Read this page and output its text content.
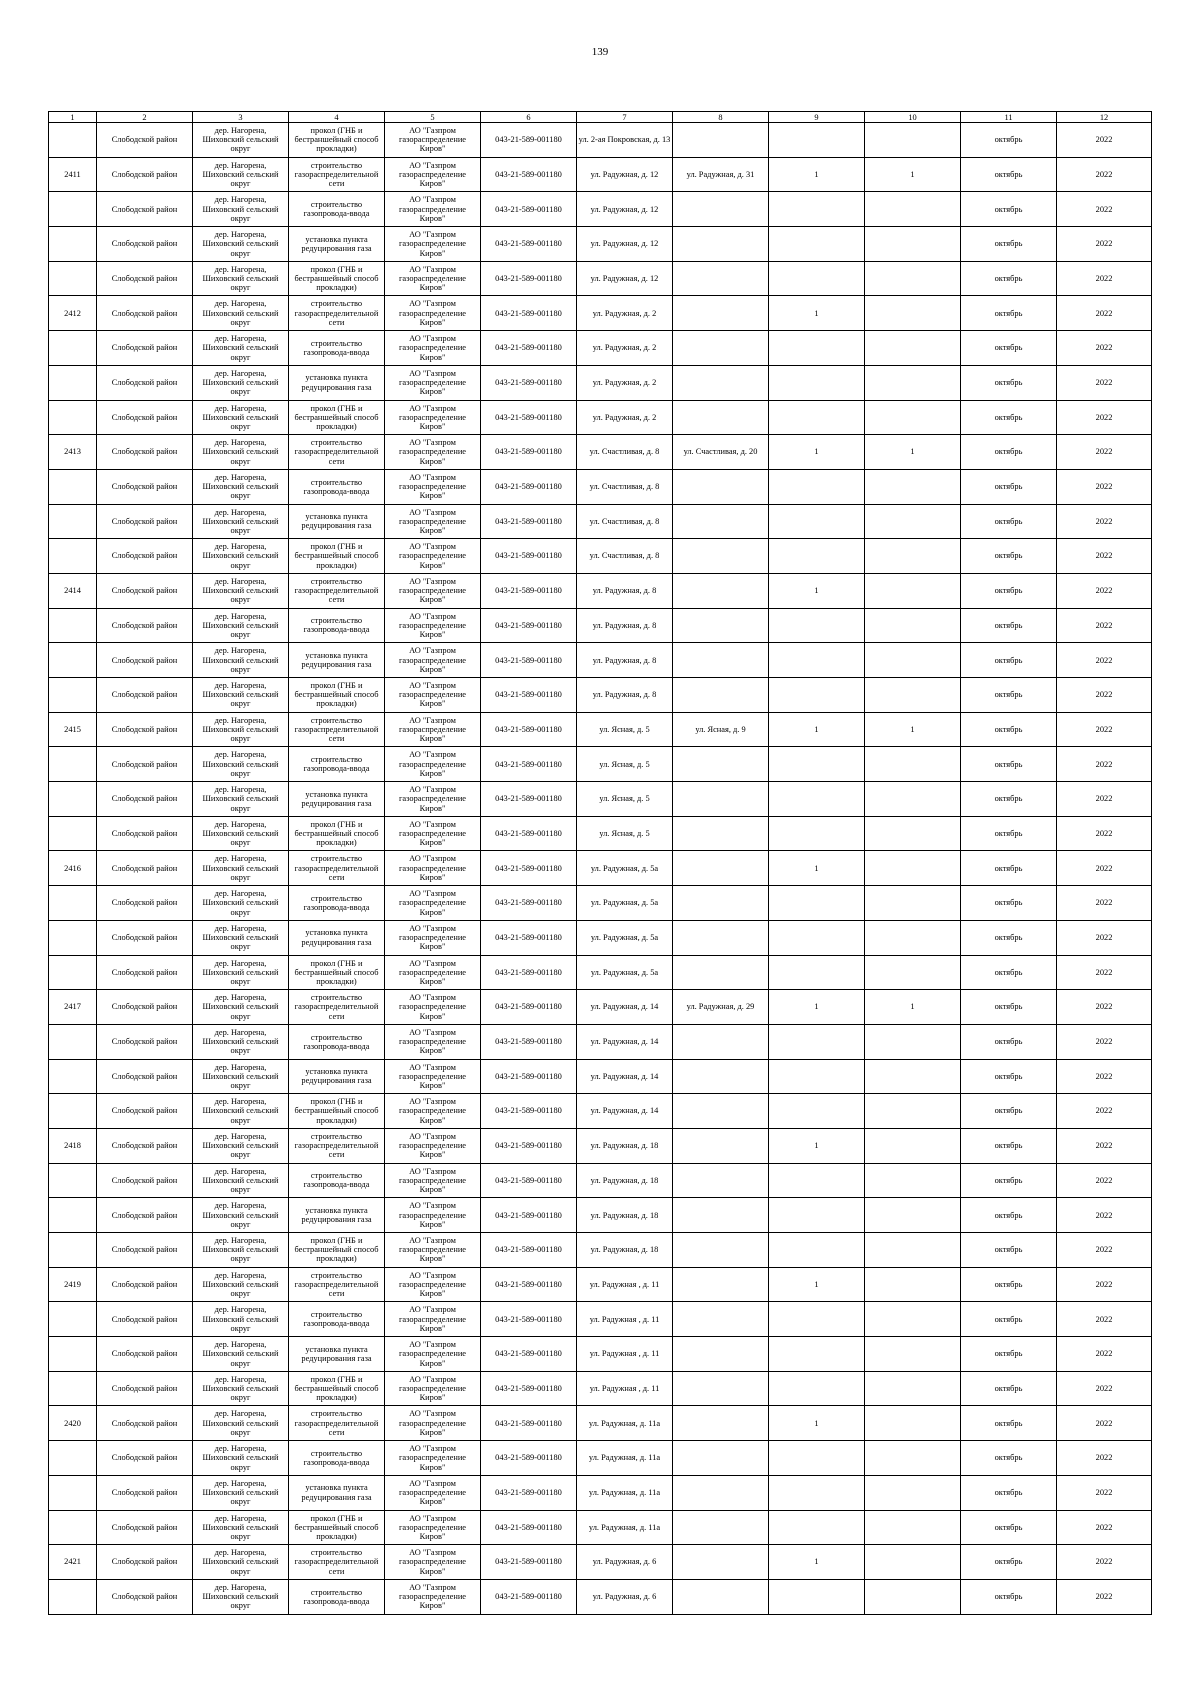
139
1	2	3	4	5	6	7	8	9	10	11	12

	Слободской район	дер. Нагорена, Шиховский сельский округ	прокол (ГНБ и бестраншейный способ прокладки)	АО "Газпром газораспределение Киров"	043-21-589-001180	ул. 2-ая Покровская, д. 13				октябрь	2022

2411	Слободской район	дер. Нагорена, Шиховский сельский округ	строительство газораспределительной сети	АО "Газпром газораспределение Киров"	043-21-589-001180	ул. Радужная, д. 12	ул. Радужная, д. 31	1	1	октябрь	2022

	Слободской район	дер. Нагорена, Шиховский сельский округ	строительство газопровода-ввода	АО "Газпром газораспределение Киров"	043-21-589-001180	ул. Радужная, д. 12				октябрь	2022

	Слободской район	дер. Нагорена, Шиховский сельский округ	установка пункта редуцирования газа	АО "Газпром газораспределение Киров"	043-21-589-001180	ул. Радужная, д. 12				октябрь	2022

	Слободской район	дер. Нагорена, Шиховский сельский округ	прокол (ГНБ и бестраншейный способ прокладки)	АО "Газпром газораспределение Киров"	043-21-589-001180	ул. Радужная, д. 12				октябрь	2022

2412	Слободской район	дер. Нагорена, Шиховский сельский округ	строительство газораспределительной сети	АО "Газпром газораспределение Киров"	043-21-589-001180	ул. Радужная, д. 2		1		октябрь	2022

	Слободской район	дер. Нагорена, Шиховский сельский округ	строительство газопровода-ввода	АО "Газпром газораспределение Киров"	043-21-589-001180	ул. Радужная, д. 2				октябрь	2022

	Слободской район	дер. Нагорена, Шиховский сельский округ	установка пункта редуцирования газа	АО "Газпром газораспределение Киров"	043-21-589-001180	ул. Радужная, д. 2				октябрь	2022

	Слободской район	дер. Нагорена, Шиховский сельский округ	прокол (ГНБ и бестраншейный способ прокладки)	АО "Газпром газораспределение Киров"	043-21-589-001180	ул. Радужная, д. 2				октябрь	2022

2413	Слободской район	дер. Нагорена, Шиховский сельский округ	строительство газораспределительной сети	АО "Газпром газораспределение Киров"	043-21-589-001180	ул. Счастливая, д. 8	ул. Счастливая, д. 20	1	1	октябрь	2022

	Слободской район	дер. Нагорена, Шиховский сельский округ	строительство газопровода-ввода	АО "Газпром газораспределение Киров"	043-21-589-001180	ул. Счастливая, д. 8				октябрь	2022

	Слободской район	дер. Нагорена, Шиховский сельский округ	установка пункта редуцирования газа	АО "Газпром газораспределение Киров"	043-21-589-001180	ул. Счастливая, д. 8				октябрь	2022

	Слободской район	дер. Нагорена, Шиховский сельский округ	прокол (ГНБ и бестраншейный способ прокладки)	АО "Газпром газораспределение Киров"	043-21-589-001180	ул. Счастливая, д. 8				октябрь	2022

2414	Слободской район	дер. Нагорена, Шиховский сельский округ	строительство газораспределительной сети	АО "Газпром газораспределение Киров"	043-21-589-001180	ул. Радужная, д. 8		1		октябрь	2022

	Слободской район	дер. Нагорена, Шиховский сельский округ	строительство газопровода-ввода	АО "Газпром газораспределение Киров"	043-21-589-001180	ул. Радужная, д. 8				октябрь	2022

	Слободской район	дер. Нагорена, Шиховский сельский округ	установка пункта редуцирования газа	АО "Газпром газораспределение Киров"	043-21-589-001180	ул. Радужная, д. 8				октябрь	2022

	Слободской район	дер. Нагорена, Шиховский сельский округ	прокол (ГНБ и бестраншейный способ прокладки)	АО "Газпром газораспределение Киров"	043-21-589-001180	ул. Радужная, д. 8				октябрь	2022

2415	Слободской район	дер. Нагорена, Шиховский сельский округ	строительство газораспределительной сети	АО "Газпром газораспределение Киров"	043-21-589-001180	ул. Ясная, д. 5	ул. Ясная, д. 9	1	1	октябрь	2022

	Слободской район	дер. Нагорена, Шиховский сельский округ	строительство газопровода-ввода	АО "Газпром газораспределение Киров"	043-21-589-001180	ул. Ясная, д. 5				октябрь	2022

	Слободской район	дер. Нагорена, Шиховский сельский округ	установка пункта редуцирования газа	АО "Газпром газораспределение Киров"	043-21-589-001180	ул. Ясная, д. 5				октябрь	2022

	Слободской район	дер. Нагорена, Шиховский сельский округ	прокол (ГНБ и бестраншейный способ прокладки)	АО "Газпром газораспределение Киров"	043-21-589-001180	ул. Ясная, д. 5				октябрь	2022

2416	Слободской район	дер. Нагорена, Шиховский сельский округ	строительство газораспределительной сети	АО "Газпром газораспределение Киров"	043-21-589-001180	ул. Радужная, д. 5а		1		октябрь	2022

	Слободской район	дер. Нагорена, Шиховский сельский округ	строительство газопровода-ввода	АО "Газпром газораспределение Киров"	043-21-589-001180	ул. Радужная, д. 5а				октябрь	2022

	Слободской район	дер. Нагорена, Шиховский сельский округ	установка пункта редуцирования газа	АО "Газпром газораспределение Киров"	043-21-589-001180	ул. Радужная, д. 5а				октябрь	2022

	Слободской район	дер. Нагорена, Шиховский сельский округ	прокол (ГНБ и бестраншейный способ прокладки)	АО "Газпром газораспределение Киров"	043-21-589-001180	ул. Радужная, д. 5а				октябрь	2022

2417	Слободской район	дер. Нагорена, Шиховский сельский округ	строительство газораспределительной сети	АО "Газпром газораспределение Киров"	043-21-589-001180	ул. Радужная, д. 14	ул. Радужная, д. 29	1	1	октябрь	2022

	Слободской район	дер. Нагорена, Шиховский сельский округ	строительство газопровода-ввода	АО "Газпром газораспределение Киров"	043-21-589-001180	ул. Радужная, д. 14				октябрь	2022

	Слободской район	дер. Нагорена, Шиховский сельский округ	установка пункта редуцирования газа	АО "Газпром газораспределение Киров"	043-21-589-001180	ул. Радужная, д. 14				октябрь	2022

	Слободской район	дер. Нагорена, Шиховский сельский округ	прокол (ГНБ и бестраншейный способ прокладки)	АО "Газпром газораспределение Киров"	043-21-589-001180	ул. Радужная, д. 14				октябрь	2022

2418	Слободской район	дер. Нагорена, Шиховский сельский округ	строительство газораспределительной сети	АО "Газпром газораспределение Киров"	043-21-589-001180	ул. Радужная, д. 18		1		октябрь	2022

	Слободской район	дер. Нагорена, Шиховский сельский округ	строительство газопровода-ввода	АО "Газпром газораспределение Киров"	043-21-589-001180	ул. Радужная, д. 18				октябрь	2022

	Слободской район	дер. Нагорена, Шиховский сельский округ	установка пункта редуцирования газа	АО "Газпром газораспределение Киров"	043-21-589-001180	ул. Радужная, д. 18				октябрь	2022

	Слободской район	дер. Нагорена, Шиховский сельский округ	прокол (ГНБ и бестраншейный способ прокладки)	АО "Газпром газораспределение Киров"	043-21-589-001180	ул. Радужная, д. 18				октябрь	2022

2419	Слободской район	дер. Нагорена, Шиховский сельский округ	строительство газораспределительной сети	АО "Газпром газораспределение Киров"	043-21-589-001180	ул. Радужная , д. 11		1		октябрь	2022

	Слободской район	дер. Нагорена, Шиховский сельский округ	строительство газопровода-ввода	АО "Газпром газораспределение Киров"	043-21-589-001180	ул. Радужная , д. 11				октябрь	2022

	Слободской район	дер. Нагорена, Шиховский сельский округ	установка пункта редуцирования газа	АО "Газпром газораспределение Киров"	043-21-589-001180	ул. Радужная , д. 11				октябрь	2022

	Слободской район	дер. Нагорена, Шиховский сельский округ	прокол (ГНБ и бестраншейный способ прокладки)	АО "Газпром газораспределение Киров"	043-21-589-001180	ул. Радужная , д. 11				октябрь	2022

2420	Слободской район	дер. Нагорена, Шиховский сельский округ	строительство газораспределительной сети	АО "Газпром газораспределение Киров"	043-21-589-001180	ул. Радужная, д. 11а		1		октябрь	2022

	Слободской район	дер. Нагорена, Шиховский сельский округ	строительство газопровода-ввода	АО "Газпром газораспределение Киров"	043-21-589-001180	ул. Радужная, д. 11а				октябрь	2022

	Слободской район	дер. Нагорена, Шиховский сельский округ	установка пункта редуцирования газа	АО "Газпром газораспределение Киров"	043-21-589-001180	ул. Радужная, д. 11а				октябрь	2022

	Слободской район	дер. Нагорена, Шиховский сельский округ	прокол (ГНБ и бестраншейный способ прокладки)	АО "Газпром газораспределение Киров"	043-21-589-001180	ул. Радужная, д. 11а				октябрь	2022

2421	Слободской район	дер. Нагорена, Шиховский сельский округ	строительство газораспределительной сети	АО "Газпром газораспределение Киров"	043-21-589-001180	ул. Радужная, д. 6		1		октябрь	2022

	Слободской район	дер. Нагорена, Шиховский сельский округ	строительство газопровода-ввода	АО "Газпром газораспределение Киров"	043-21-589-001180	ул. Радужная, д. 6				октябрь	2022
